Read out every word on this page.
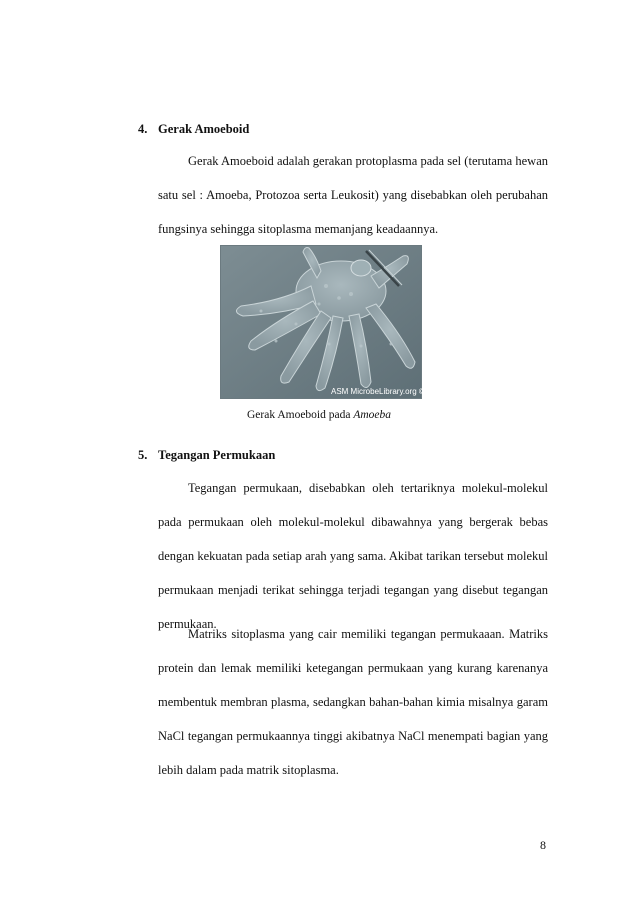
4. Gerak Amoeboid

Gerak Amoeboid adalah gerakan protoplasma pada sel (terutama hewan satu sel : Amoeba, Protozoa serta Leukosit) yang disebabkan oleh perubahan fungsinya sehingga sitoplasma memanjang keadaannya.

ASM MicrobeLibrary.org © Durr
Gerak Amoeboid pada Amoeba
5. Tegangan Permukaan

Tegangan permukaan, disebabkan oleh tertariknya molekul-molekul pada permukaan oleh molekul-molekul dibawahnya yang bergerak bebas dengan kekuatan pada setiap arah yang sama. Akibat tarikan tersebut molekul permukaan menjadi terikat sehingga terjadi tegangan yang disebut tegangan permukaan.

Matriks sitoplasma yang cair memiliki tegangan permukaaan. Matriks protein dan lemak memiliki ketegangan permukaan yang kurang karenanya membentuk membran plasma, sedangkan bahan-bahan kimia misalnya garam NaCl tegangan permukaannya tinggi akibatnya NaCl menempati bagian yang lebih dalam pada matrik sitoplasma.

8
